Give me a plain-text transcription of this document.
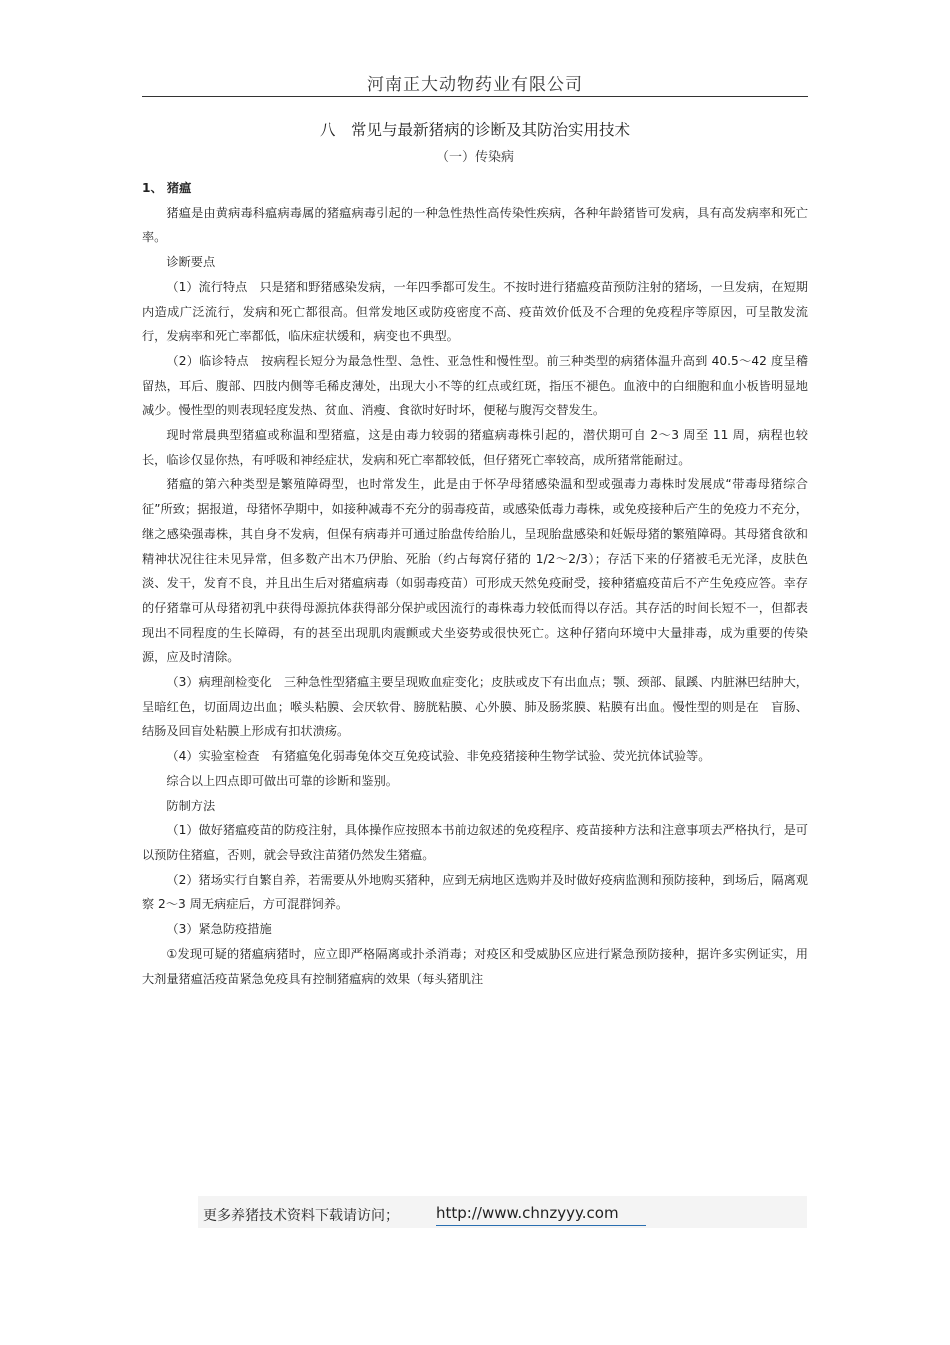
河南正大动物药业有限公司
八　常见与最新猪病的诊断及其防治实用技术
（一）传染病

1、 猪瘟

猪瘟是由黄病毒科瘟病毒属的猪瘟病毒引起的一种急性热性高传染性疾病，各种年龄猪皆可发病，具有高发病率和死亡率。

诊断要点

（1）流行特点　只是猪和野猪感染发病，一年四季都可发生。不按时进行猪瘟疫苗预防注射的猪场，一旦发病，在短期内造成广泛流行，发病和死亡都很高。但常发地区或防疫密度不高、疫苗效价低及不合理的免疫程序等原因，可呈散发流行，发病率和死亡率都低，临床症状缓和，病变也不典型。

（2）临诊特点　按病程长短分为最急性型、急性、亚急性和慢性型。前三种类型的病猪体温升高到 40.5～42 度呈稽留热，耳后、腹部、四肢内侧等毛稀皮薄处，出现大小不等的红点或红斑，指压不褪色。血液中的白细胞和血小板皆明显地减少。慢性型的则表现轻度发热、贫血、消瘦、食欲时好时坏，便秘与腹泻交替发生。

现时常晨典型猪瘟或称温和型猪瘟，这是由毒力较弱的猪瘟病毒株引起的，潜伏期可自 2～3 周至 11 周，病程也较长，临诊仅显你热，有呼吸和神经症状，发病和死亡率都较低，但仔猪死亡率较高，成所猪常能耐过。

猪瘟的第六种类型是繁殖障碍型，也时常发生，此是由于怀孕母猪感染温和型或强毒力毒株时发展成“带毒母猪综合征”所致；据报道，母猪怀孕期中，如接种减毒不充分的弱毒疫苗，或感染低毒力毒株，或免疫接种后产生的免疫力不充分，继之感染强毒株，其自身不发病，但保有病毒并可通过胎盘传给胎儿，呈现胎盘感染和妊娠母猪的繁殖障碍。其母猪食欲和精神状况往往未见异常，但多数产出木乃伊胎、死胎（约占每窝仔猪的 1/2～2/3）；存活下来的仔猪被毛无光泽，皮肤色淡、发干，发育不良，并且出生后对猪瘟病毒（如弱毒疫苗）可形成天然免疫耐受，接种猪瘟疫苗后不产生免疫应答。幸存的仔猪靠可从母猪初乳中获得母源抗体获得部分保护或因流行的毒株毒力较低而得以存活。其存活的时间长短不一，但都表现出不同程度的生长障碍，有的甚至出现肌肉震颤或犬坐姿势或很快死亡。这种仔猪向环境中大量排毒，成为重要的传染源，应及时清除。

（3）病理剖检变化　三种急性型猪瘟主要呈现败血症变化；皮肤或皮下有出血点；颚、颈部、鼠蹊、内脏淋巴结肿大，呈暗红色，切面周边出血；喉头粘膜、会厌软骨、膀胱粘膜、心外膜、肺及肠浆膜、粘膜有出血。慢性型的则是在　盲肠、结肠及回盲处粘膜上形成有扣状溃疡。

（4）实验室检查　有猪瘟兔化弱毒兔体交互免疫试验、非免疫猪接种生物学试验、荧光抗体试验等。

综合以上四点即可做出可靠的诊断和鉴别。

防制方法

（1）做好猪瘟疫苗的防疫注射，具体操作应按照本书前边叙述的免疫程序、疫苗接种方法和注意事项去严格执行，是可以预防住猪瘟，否则，就会导致注苗猪仍然发生猪瘟。

（2）猪场实行自繁自养，若需要从外地购买猪种，应到无病地区选购并及时做好疫病监测和预防接种，到场后，隔离观察 2～3 周无病症后，方可混群饲养。

（3）紧急防疫措施

①发现可疑的猪瘟病猪时，应立即严格隔离或扑杀消毒；对疫区和受威胁区应进行紧急预防接种，据许多实例证实，用大剂量猪瘟活疫苗紧急免疫具有控制猪瘟病的效果（每头猪肌注

更多养猪技术资料下载请访问； http://www.chnzyyy.com
